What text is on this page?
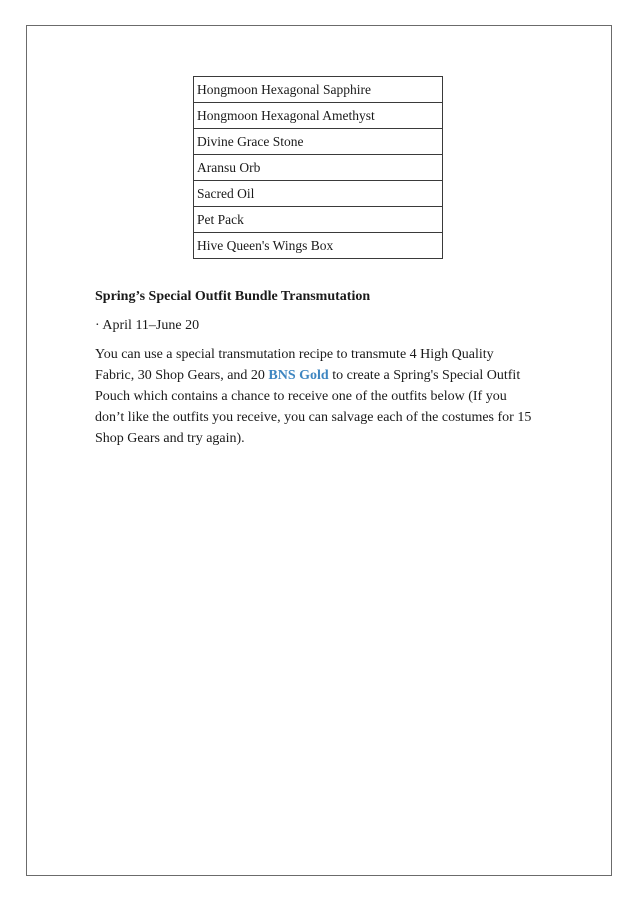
Hongmoon Hexagonal Sapphire
Hongmoon Hexagonal Amethyst
Divine Grace Stone
Aransu Orb
Sacred Oil
Pet Pack
Hive Queen's Wings Box

Spring’s Special Outfit Bundle Transmutation

· April 11–June 20

You can use a special transmutation recipe to transmute 4 High Quality Fabric, 30 Shop Gears, and 20 BNS Gold to create a Spring's Special Outfit Pouch which contains a chance to receive one of the outfits below (If you don’t like the outfits you receive, you can salvage each of the costumes for 15 Shop Gears and try again).
